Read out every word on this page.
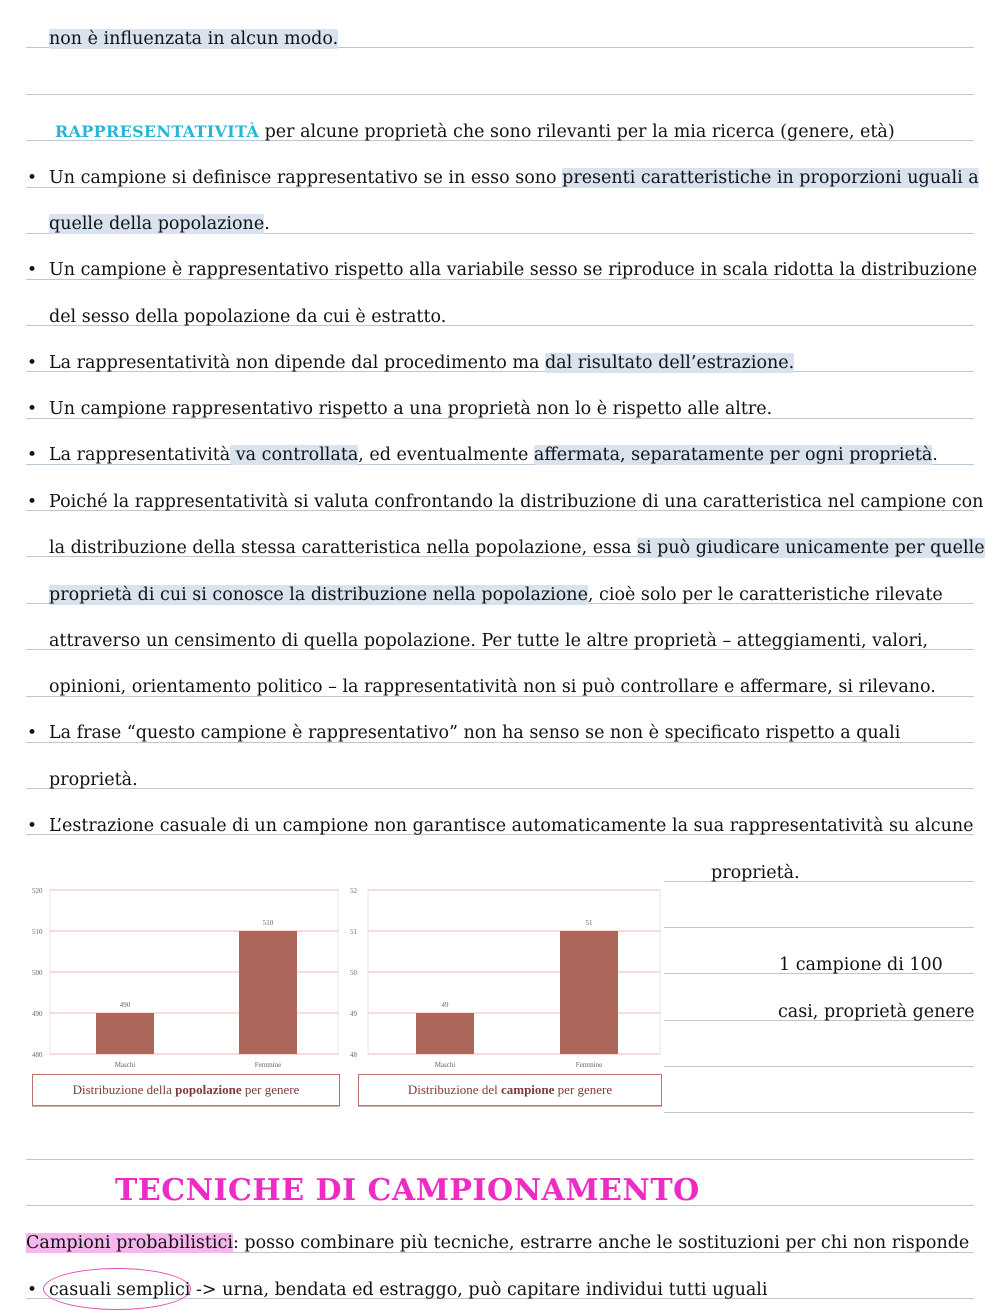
non è influenzata in alcun modo.
RAPPRESENTATIVITÀ per alcune proprietà che sono rilevanti per la mia ricerca (genere, età)
• Un campione si definisce rappresentativo se in esso sono presenti caratteristiche in proporzioni uguali a
quelle della popolazione.
• Un campione è rappresentativo rispetto alla variabile sesso se riproduce in scala ridotta la distribuzione
del sesso della popolazione da cui è estratto.
• La rappresentatività non dipende dal procedimento ma dal risultato dell’estrazione.
• Un campione rappresentativo rispetto a una proprietà non lo è rispetto alle altre.
• La rappresentatività va controllata, ed eventualmente affermata, separatamente per ogni proprietà.
• Poiché la rappresentatività si valuta confrontando la distribuzione di una caratteristica nel campione con
la distribuzione della stessa caratteristica nella popolazione, essa si può giudicare unicamente per quelle
proprietà di cui si conosce la distribuzione nella popolazione, cioè solo per le caratteristiche rilevate
attraverso un censimento di quella popolazione. Per tutte le altre proprietà – atteggiamenti, valori,
opinioni, orientamento politico – la rappresentatività non si può controllare e affermare, si rilevano.
• La frase “questo campione è rappresentativo” non ha senso se non è specificato rispetto a quali
proprietà.
• L’estrazione casuale di un campione non garantisce automaticamente la sua rappresentatività su alcune
proprietà.
1 campione di 100
casi, proprietà genere
520
510
500
490
480
490
Maschi
510
Femmine
Distribuzione della popolazione per genere
52
51
50
49
48
49
Maschi
51
Femmine
Distribuzione del campione per genere
TECNICHE DI CAMPIONAMENTO
Campioni probabilistici: posso combinare più tecniche, estrarre anche le sostituzioni per chi non risponde
• casuali semplici -> urna, bendata ed estraggo, può capitare individui tutti uguali
